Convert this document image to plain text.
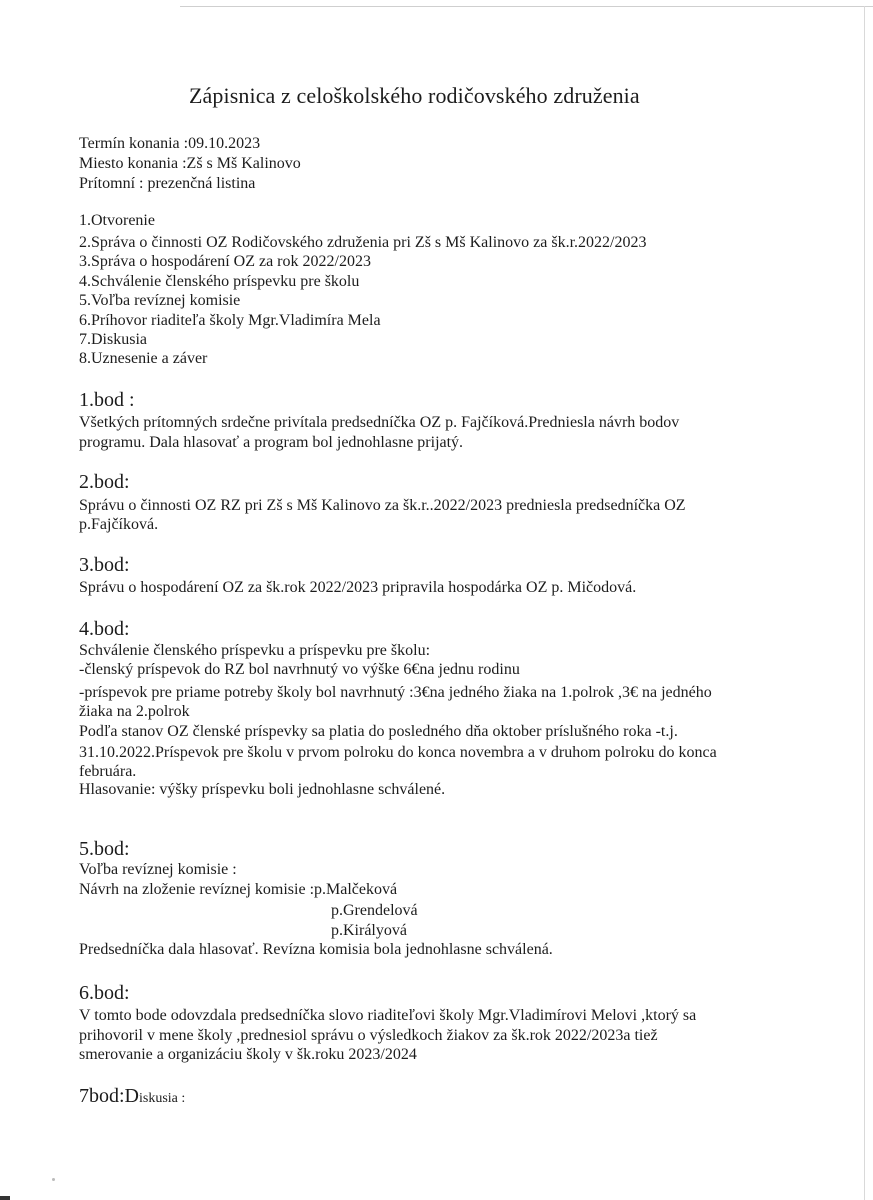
Zápisnica z celoškolského rodičovského združenia
Termín konania :09.10.2023
Miesto konania :Zš s Mš Kalinovo
Prítomní : prezenčná listina
1.Otvorenie
2.Správa o činnosti OZ Rodičovského združenia pri Zš s Mš Kalinovo za šk.r.2022/2023
3.Správa o hospodárení OZ za rok 2022/2023
4.Schválenie členského príspevku pre školu
5.Voľba revíznej komisie
6.Príhovor riaditeľa školy Mgr.Vladimíra Mela
7.Diskusia
8.Uznesenie a záver
1.bod :
Všetkých prítomných srdečne privítala predsedníčka OZ p. Fajčíková.Predniesla návrh bodov
programu. Dala hlasovať a program bol jednohlasne prijatý.
2.bod:
Správu o činnosti OZ RZ pri Zš s Mš Kalinovo za šk.r..2022/2023 predniesla predsedníčka OZ
p.Fajčíková.
3.bod:
Správu o hospodárení OZ za šk.rok 2022/2023 pripravila hospodárka OZ p. Mičodová.
4.bod:
Schválenie členského príspevku a príspevku pre školu:
-členský príspevok do RZ bol navrhnutý vo výške 6€na jednu rodinu
-príspevok pre priame potreby školy bol navrhnutý :3€na jedného žiaka na 1.polrok ,3€ na jedného
žiaka na 2.polrok
Podľa stanov OZ členské príspevky sa platia do posledného dňa oktober príslušného roka -t.j.
31.10.2022.Príspevok pre školu v prvom polroku do konca novembra a v druhom polroku do konca
februára.
Hlasovanie: výšky príspevku boli jednohlasne schválené.
5.bod:
Voľba revíznej komisie :
Návrh na zloženie revíznej komisie :p.Malčeková
p.Grendelová
p.Királyová
Predsedníčka dala hlasovať. Revízna komisia bola jednohlasne schválená.
6.bod:
V tomto bode odovzdala predsedníčka slovo riaditeľovi školy Mgr.Vladimírovi Melovi ,ktorý sa
prihovoril v mene školy ,prednesiol správu o výsledkoch žiakov za šk.rok 2022/2023a tiež
smerovanie a organizáciu školy v šk.roku 2023/2024
7bod:Diskusia :
